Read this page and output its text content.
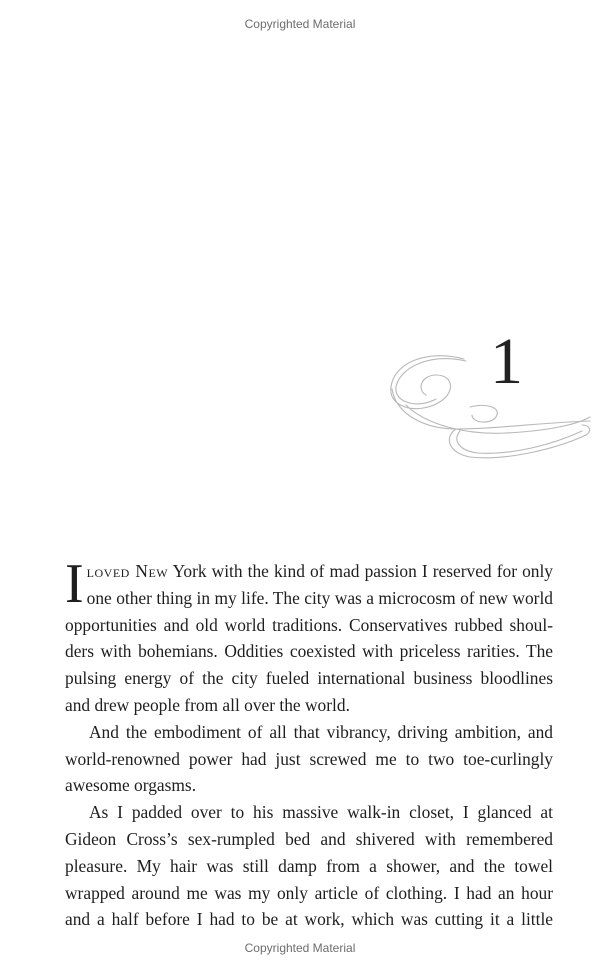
Copyrighted Material
1

I loved New York with the kind of mad passion I reserved for only
one other thing in my life. The city was a microcosm of new world
opportunities and old world traditions. Conservatives rubbed shoul-
ders with bohemians. Oddities coexisted with priceless rarities. The
pulsing energy of the city fueled international business bloodlines
and drew people from all over the world.

And the embodiment of all that vibrancy, driving ambition, and
world-renowned power had just screwed me to two toe-curlingly
awesome orgasms.

As I padded over to his massive walk-in closet, I glanced at
Gideon Cross’s sex-rumpled bed and shivered with remembered
pleasure. My hair was still damp from a shower, and the towel
wrapped around me was my only article of clothing. I had an hour
and a half before I had to be at work, which was cutting it a little

Copyrighted Material
